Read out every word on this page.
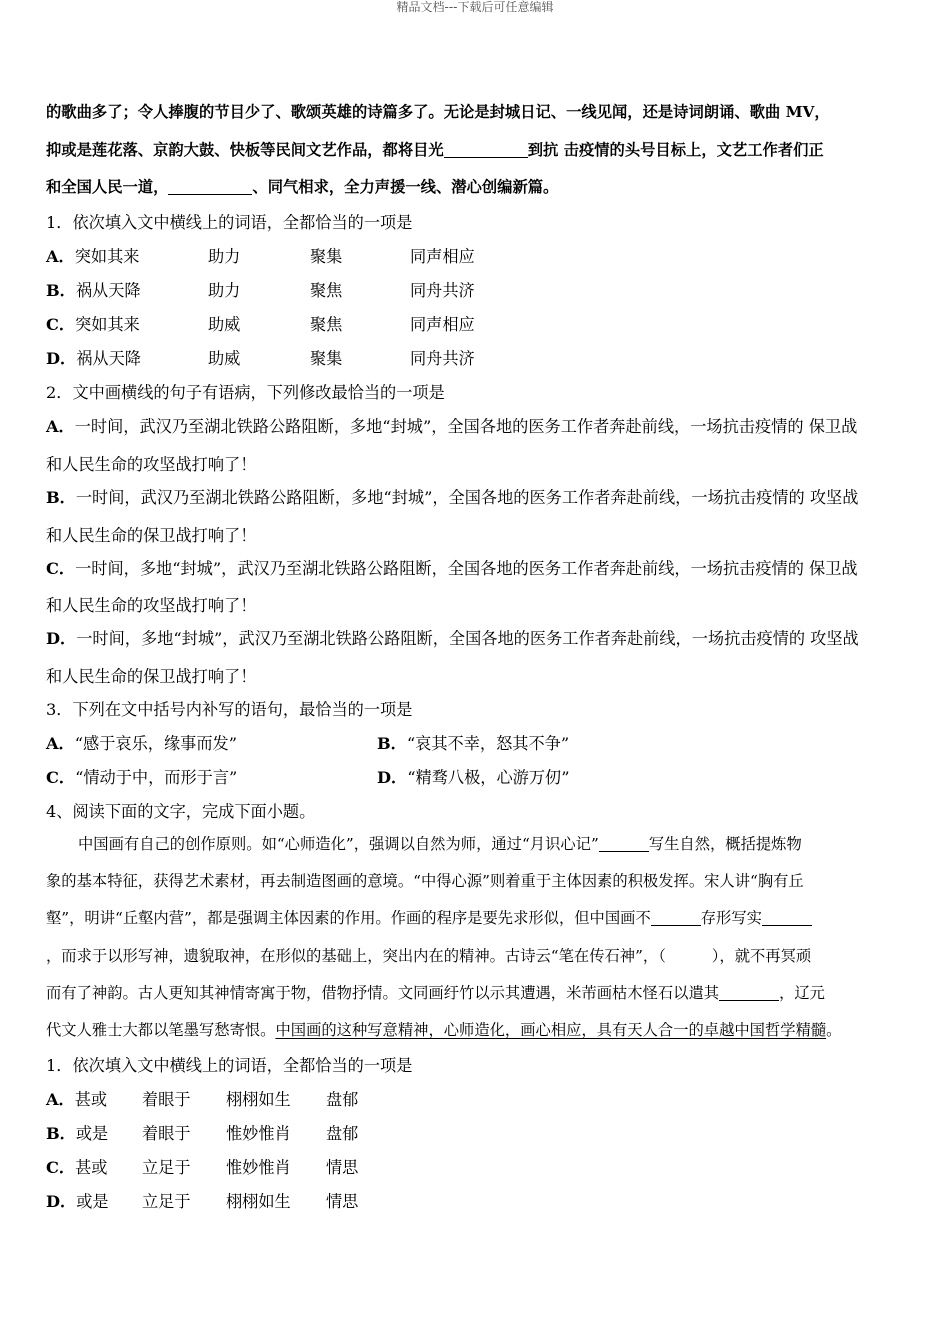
精品文档---下载后可任意编辑
的歌曲多了；令人捧腹的节目少了、歌颂英雄的诗篇多了。无论是封城日记、一线见闻，还是诗词朗诵、歌曲 MV，
抑或是莲花落、京韵大鼓、快板等民间文艺作品，都将目光	到抗 击疫情的头号目标上，文艺工作者们正
和全国人民一道，	、同气相求，全力声援一线、潜心创编新篇。
1．依次填入文中横线上的词语，全都恰当的一项是
A．突如其来	助力	聚集	同声相应
B．祸从天降	助力	聚焦	同舟共济
C．突如其来	助威	聚焦	同声相应
D．祸从天降	助威	聚集	同舟共济
2．文中画横线的句子有语病，下列修改最恰当的一项是
A．一时间，武汉乃至湖北铁路公路阻断，多地“封城”，全国各地的医务工作者奔赴前线，一场抗击疫情的 保卫战
和人民生命的攻坚战打响了！
B．一时间，武汉乃至湖北铁路公路阻断，多地“封城”，全国各地的医务工作者奔赴前线，一场抗击疫情的 攻坚战
和人民生命的保卫战打响了！
C．一时间，多地“封城”，武汉乃至湖北铁路公路阻断，全国各地的医务工作者奔赴前线，一场抗击疫情的 保卫战
和人民生命的攻坚战打响了！
D．一时间，多地“封城”，武汉乃至湖北铁路公路阻断，全国各地的医务工作者奔赴前线，一场抗击疫情的 攻坚战
和人民生命的保卫战打响了！
3．下列在文中括号内补写的语句，最恰当的一项是
A．“感于哀乐，缘事而发”	B．“哀其不幸，怒其不争”
C．“情动于中，而形于言”	D．“精骛八极，心游万仞”
4、阅读下面的文字，完成下面小题。
中国画有自己的创作原则。如“心师造化”，强调以自然为师，通过“月识心记”	写生自然，概括提炼物
象的基本特征，获得艺术素材，再去制造图画的意境。“中得心源”则着重于主体因素的积极发挥。宋人讲“胸有丘
壑”，明讲“丘壑内营”，都是强调主体因素的作用。作画的程序是要先求形似，但中国画不	存形写实
，而求于以形写神，遗貌取神，在形似的基础上，突出内在的精神。古诗云“笔在传石神”，（　　　），就不再冥顽
而有了神韵。古人更知其神情寄寓于物，借物抒情。文同画纡竹以示其遭遇，米芾画枯木怪石以遣其	，辽元
代文人雅士大都以笔墨写愁寄恨。中国画的这种写意精神，心师造化，画心相应，具有天人合一的卓越中国哲学精髓。
1．依次填入文中横线上的词语，全都恰当的一项是
A．甚或 着眼于 栩栩如生 盘郁
B．或是 着眼于 惟妙惟肖 盘郁
C．甚或 立足于 惟妙惟肖 情思
D．或是 立足于 栩栩如生 情思
